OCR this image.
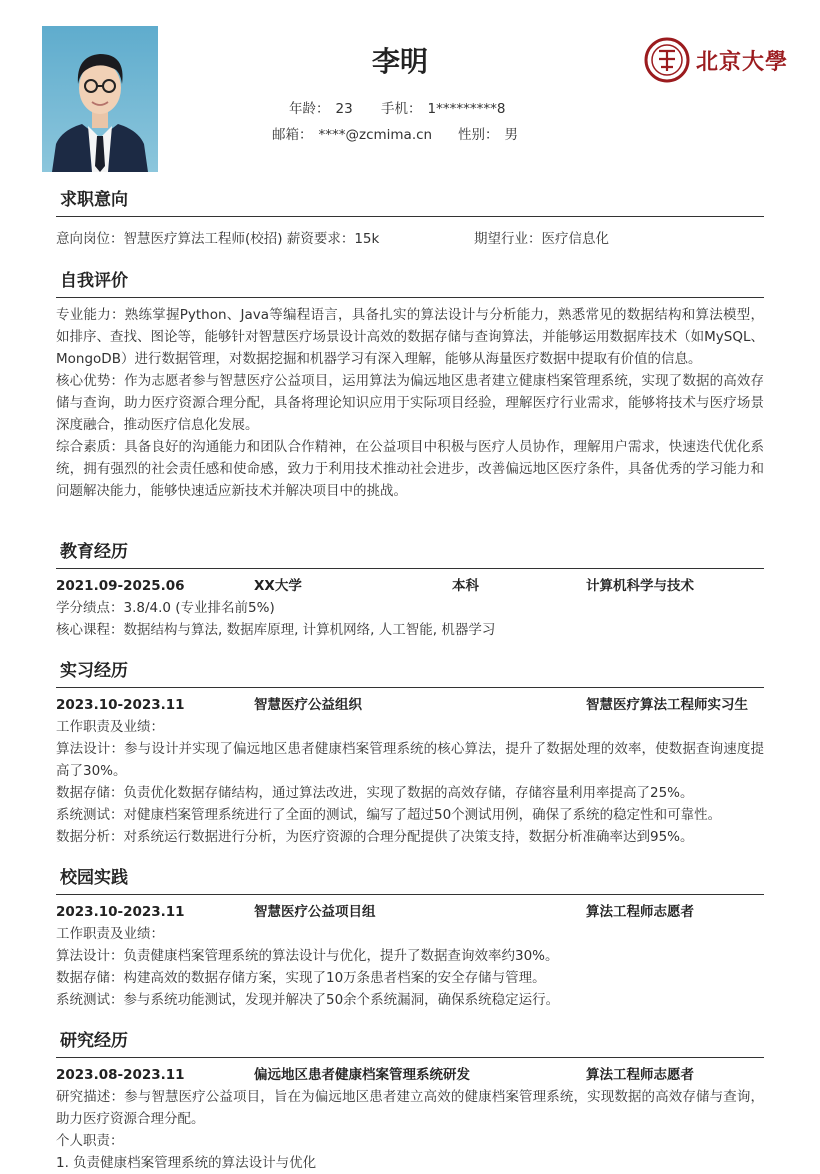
李明
年龄： 23 手机： 1*********8
邮箱： ****@zcmima.cn 性别： 男
北京大學
求职意向
意向岗位：智慧医疗算法工程师(校招) 薪资要求：15k	期望行业：医疗信息化
自我评价

专业能力：熟练掌握Python、Java等编程语言，具备扎实的算法设计与分析能力，熟悉常见的数据结构和算法模型，如排序、查找、图论等，能够针对智慧医疗场景设计高效的数据存储与查询算法，并能够运用数据库技术（如MySQL、MongoDB）进行数据管理，对数据挖掘和机器学习有深入理解，能够从海量医疗数据中提取有价值的信息。

核心优势：作为志愿者参与智慧医疗公益项目，运用算法为偏远地区患者建立健康档案管理系统，实现了数据的高效存储与查询，助力医疗资源合理分配，具备将理论知识应用于实际项目经验，理解医疗行业需求，能够将技术与医疗场景深度融合，推动医疗信息化发展。

综合素质：具备良好的沟通能力和团队合作精神，在公益项目中积极与医疗人员协作，理解用户需求，快速迭代优化系统，拥有强烈的社会责任感和使命感，致力于利用技术推动社会进步，改善偏远地区医疗条件，具备优秀的学习能力和问题解决能力，能够快速适应新技术并解决项目中的挑战。

教育经历
2021.09-2025.06	XX大学	本科	计算机科学与技术

学分绩点：3.8/4.0 (专业排名前5%)

核心课程：数据结构与算法, 数据库原理, 计算机网络, 人工智能, 机器学习

实习经历
2023.10-2023.11	智慧医疗公益组织	智慧医疗算法工程师实习生

工作职责及业绩：

算法设计：参与设计并实现了偏远地区患者健康档案管理系统的核心算法，提升了数据处理的效率，使数据查询速度提高了30%。

数据存储：负责优化数据存储结构，通过算法改进，实现了数据的高效存储，存储容量利用率提高了25%。

系统测试：对健康档案管理系统进行了全面的测试，编写了超过50个测试用例，确保了系统的稳定性和可靠性。

数据分析：对系统运行数据进行分析，为医疗资源的合理分配提供了决策支持，数据分析准确率达到95%。

校园实践
2023.10-2023.11	智慧医疗公益项目组	算法工程师志愿者

工作职责及业绩：

算法设计：负责健康档案管理系统的算法设计与优化，提升了数据查询效率约30%。

数据存储：构建高效的数据存储方案，实现了10万条患者档案的安全存储与管理。

系统测试：参与系统功能测试，发现并解决了50余个系统漏洞，确保系统稳定运行。

研究经历
2023.08-2023.11	偏远地区患者健康档案管理系统研发	算法工程师志愿者

研究描述：参与智慧医疗公益项目，旨在为偏远地区患者建立高效的健康档案管理系统，实现数据的高效存储与查询，助力医疗资源合理分配。

个人职责：

1. 负责健康档案管理系统的算法设计与优化
